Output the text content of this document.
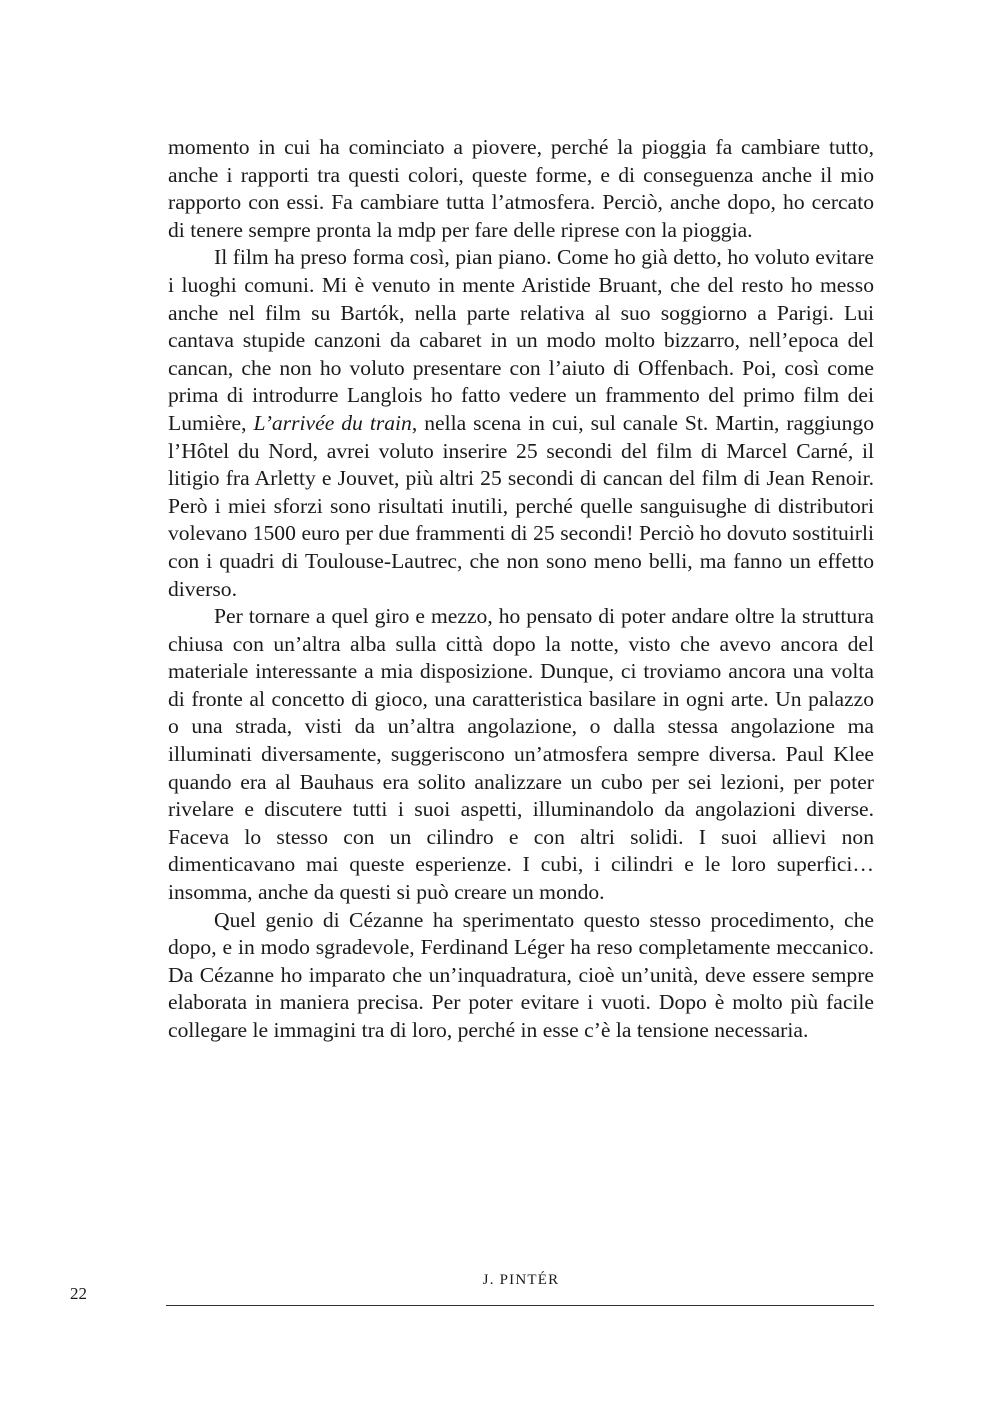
momento in cui ha cominciato a piovere, perché la pioggia fa cambiare tutto, anche i rapporti tra questi colori, queste forme, e di conseguenza anche il mio rapporto con essi. Fa cambiare tutta l’atmosfera. Perciò, anche dopo, ho cercato di tenere sempre pronta la mdp per fare delle riprese con la pioggia.

Il film ha preso forma così, pian piano. Come ho già detto, ho voluto evitare i luoghi comuni. Mi è venuto in mente Aristide Bruant, che del resto ho messo anche nel film su Bartók, nella parte relativa al suo soggiorno a Parigi. Lui cantava stupide canzoni da cabaret in un modo molto bizzarro, nell’epoca del cancan, che non ho voluto presentare con l’aiuto di Offenbach. Poi, così come prima di introdurre Langlois ho fatto vedere un frammento del primo film dei Lumière, L’arrivée du train, nella scena in cui, sul canale St. Martin, raggiungo l’Hôtel du Nord, avrei voluto inserire 25 secondi del film di Marcel Carné, il litigio fra Arletty e Jouvet, più altri 25 secondi di cancan del film di Jean Renoir. Però i miei sforzi sono risultati inutili, perché quelle sanguisughe di distributori volevano 1500 euro per due frammenti di 25 secondi! Perciò ho dovuto sostituirli con i quadri di Toulouse-Lautrec, che non sono meno belli, ma fanno un effetto diverso.

Per tornare a quel giro e mezzo, ho pensato di poter andare oltre la struttura chiusa con un’altra alba sulla città dopo la notte, visto che avevo ancora del materiale interessante a mia disposizione. Dunque, ci troviamo ancora una volta di fronte al concetto di gioco, una caratteristica basilare in ogni arte. Un palazzo o una strada, visti da un’altra angolazione, o dalla stessa angolazione ma illuminati diversamente, suggeriscono un’atmosfera sempre diversa. Paul Klee quando era al Bauhaus era solito analizzare un cubo per sei lezioni, per poter rivelare e discutere tutti i suoi aspetti, illuminandolo da angolazioni diverse. Faceva lo stesso con un cilindro e con altri solidi. I suoi allievi non dimenticavano mai queste esperienze. I cubi, i cilindri e le loro superfici… insomma, anche da questi si può creare un mondo.

Quel genio di Cézanne ha sperimentato questo stesso procedimento, che dopo, e in modo sgradevole, Ferdinand Léger ha reso completamente meccanico. Da Cézanne ho imparato che un’inquadratura, cioè un’unità, deve essere sempre elaborata in maniera precisa. Per poter evitare i vuoti. Dopo è molto più facile collegare le immagini tra di loro, perché in esse c’è la tensione necessaria.

J. PINTÉR
22
